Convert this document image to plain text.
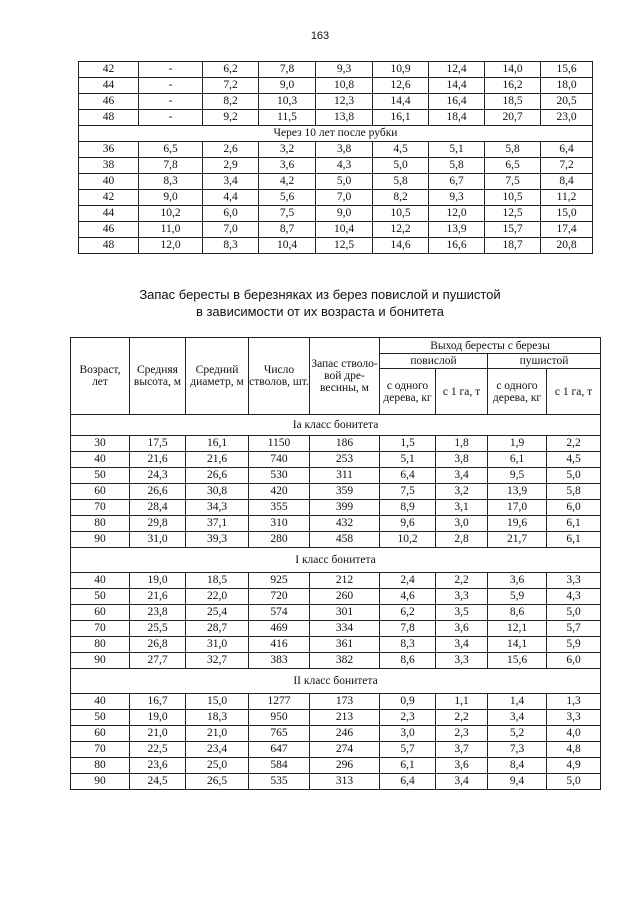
163
42	-	6,2	7,8	9,3	10,9	12,4	14,0	15,6
44	-	7,2	9,0	10,8	12,6	14,4	16,2	18,0
46	-	8,2	10,3	12,3	14,4	16,4	18,5	20,5
48	-	9,2	11,5	13,8	16,1	18,4	20,7	23,0
Через 10 лет после рубки								
36	6,5	2,6	3,2	3,8	4,5	5,1	5,8	6,4
38	7,8	2,9	3,6	4,3	5,0	5,8	6,5	7,2
40	8,3	3,4	4,2	5,0	5,8	6,7	7,5	8,4
42	9,0	4,4	5,6	7,0	8,2	9,3	10,5	11,2
44	10,2	6,0	7,5	9,0	10,5	12,0	12,5	15,0
46	11,0	7,0	8,7	10,4	12,2	13,9	15,7	17,4
48	12,0	8,3	10,4	12,5	14,6	16,6	18,7	20,8
Запас бересты в березняках из берез повислой и пушистой
в зависимости от их возраста и бонитета
Возраст, лет	Средняя высота, м	Средний диаметр, м	Число стволов, шт.	Запас стволо-вой дре-весины, м	Выход бересты с березы			
					повислой		пушистой	
					с одного дерева, кг	с 1 га, т	с одного дерева, кг	с 1 га, т
Iа класс бонитета								
30	17,5	16,1	1150	186	1,5	1,8	1,9	2,2
40	21,6	21,6	740	253	5,1	3,8	6,1	4,5
50	24,3	26,6	530	311	6,4	3,4	9,5	5,0
60	26,6	30,8	420	359	7,5	3,2	13,9	5,8
70	28,4	34,3	355	399	8,9	3,1	17,0	6,0
80	29,8	37,1	310	432	9,6	3,0	19,6	6,1
90	31,0	39,3	280	458	10,2	2,8	21,7	6,1
I класс бонитета								
40	19,0	18,5	925	212	2,4	2,2	3,6	3,3
50	21,6	22,0	720	260	4,6	3,3	5,9	4,3
60	23,8	25,4	574	301	6,2	3,5	8,6	5,0
70	25,5	28,7	469	334	7,8	3,6	12,1	5,7
80	26,8	31,0	416	361	8,3	3,4	14,1	5,9
90	27,7	32,7	383	382	8,6	3,3	15,6	6,0
II класс бонитета								
40	16,7	15,0	1277	173	0,9	1,1	1,4	1,3
50	19,0	18,3	950	213	2,3	2,2	3,4	3,3
60	21,0	21,0	765	246	3,0	2,3	5,2	4,0
70	22,5	23,4	647	274	5,7	3,7	7,3	4,8
80	23,6	25,0	584	296	6,1	3,6	8,4	4,9
90	24,5	26,5	535	313	6,4	3,4	9,4	5,0
